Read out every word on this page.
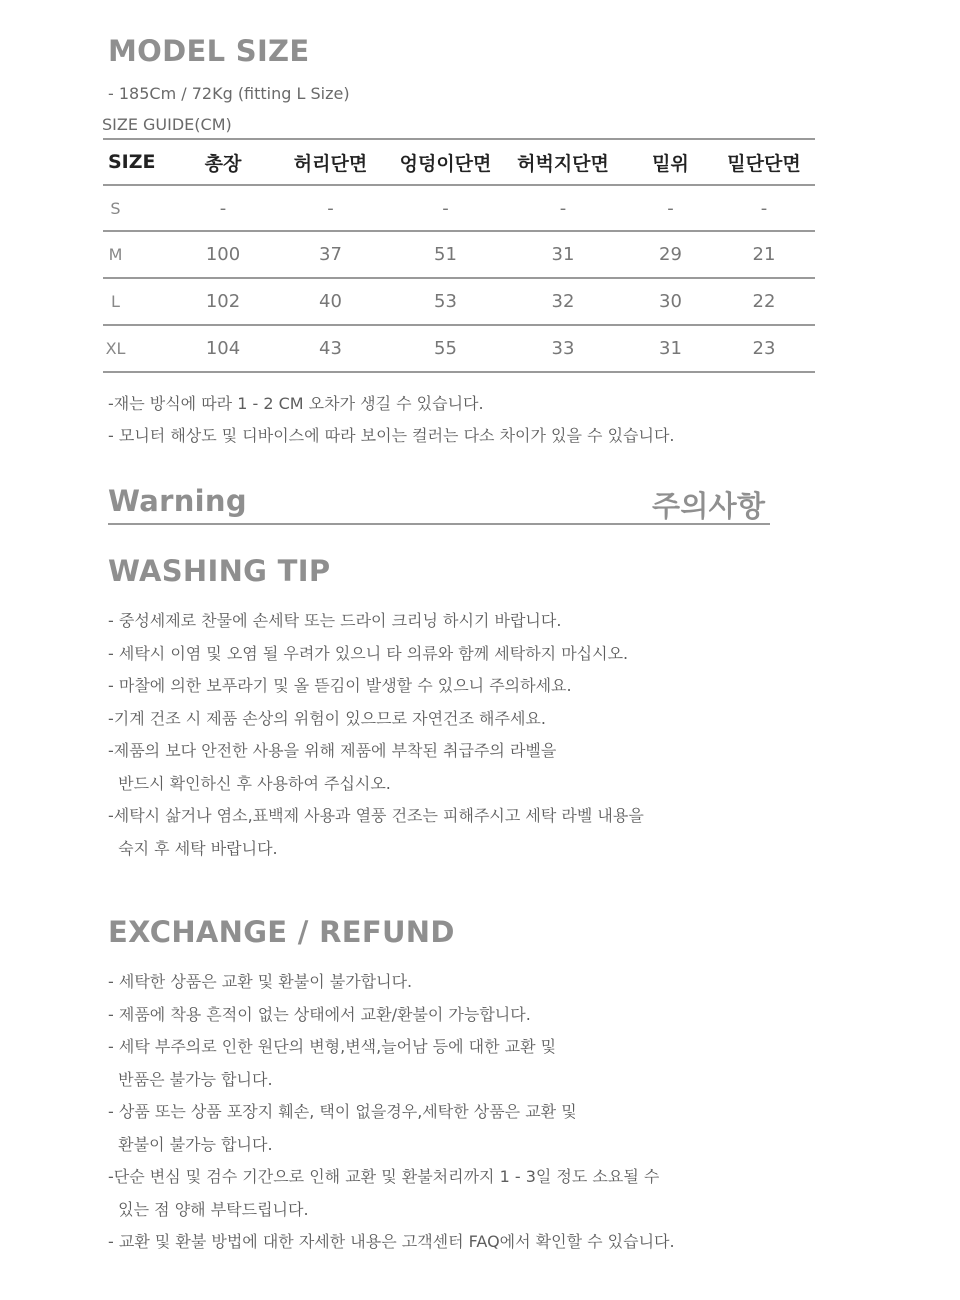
MODEL SIZE
- 185Cm / 72Kg (fitting L Size)
SIZE GUIDE(CM)
SIZE	총장	허리단면	엉덩이단면	허벅지단면	밑위	밑단단면
S	-	-	-	-	-	-
M	100	37	51	31	29	21
L	102	40	53	32	30	22
XL	104	43	55	33	31	23
-재는 방식에 따라 1 - 2 CM 오차가 생길 수 있습니다.
- 모니터 해상도 및 디바이스에 따라 보이는 컬러는 다소 차이가 있을 수 있습니다.
Warning	주의사항
WASHING TIP
- 중성세제로 찬물에 손세탁 또는 드라이 크리닝 하시기 바랍니다.
- 세탁시 이염 및 오염 될 우려가 있으니 타 의류와 함께 세탁하지 마십시오.
- 마찰에 의한 보푸라기 및 올 뜯김이 발생할 수 있으니 주의하세요.
-기계 건조 시 제품 손상의 위험이 있으므로 자연건조 해주세요.
-제품의 보다 안전한 사용을 위해 제품에 부착된 취급주의 라벨을
반드시 확인하신 후 사용하여 주십시오.
-세탁시 삶거나 염소,표백제 사용과 열풍 건조는 피해주시고 세탁 라벨 내용을
숙지 후 세탁 바랍니다.
EXCHANGE / REFUND
- 세탁한 상품은 교환 및 환불이 불가합니다.
- 제품에 착용 흔적이 없는 상태에서 교환/환불이 가능합니다.
- 세탁 부주의로 인한 원단의 변형,변색,늘어남 등에 대한 교환 및
반품은 불가능 합니다.
- 상품 또는 상품 포장지 훼손, 택이 없을경우,세탁한 상품은 교환 및
환불이 불가능 합니다.
-단순 변심 및 검수 기간으로 인해 교환 및 환불처리까지 1 - 3일 정도 소요될 수
있는 점 양해 부탁드립니다.
- 교환 및 환불 방법에 대한 자세한 내용은 고객센터 FAQ에서 확인할 수 있습니다.
